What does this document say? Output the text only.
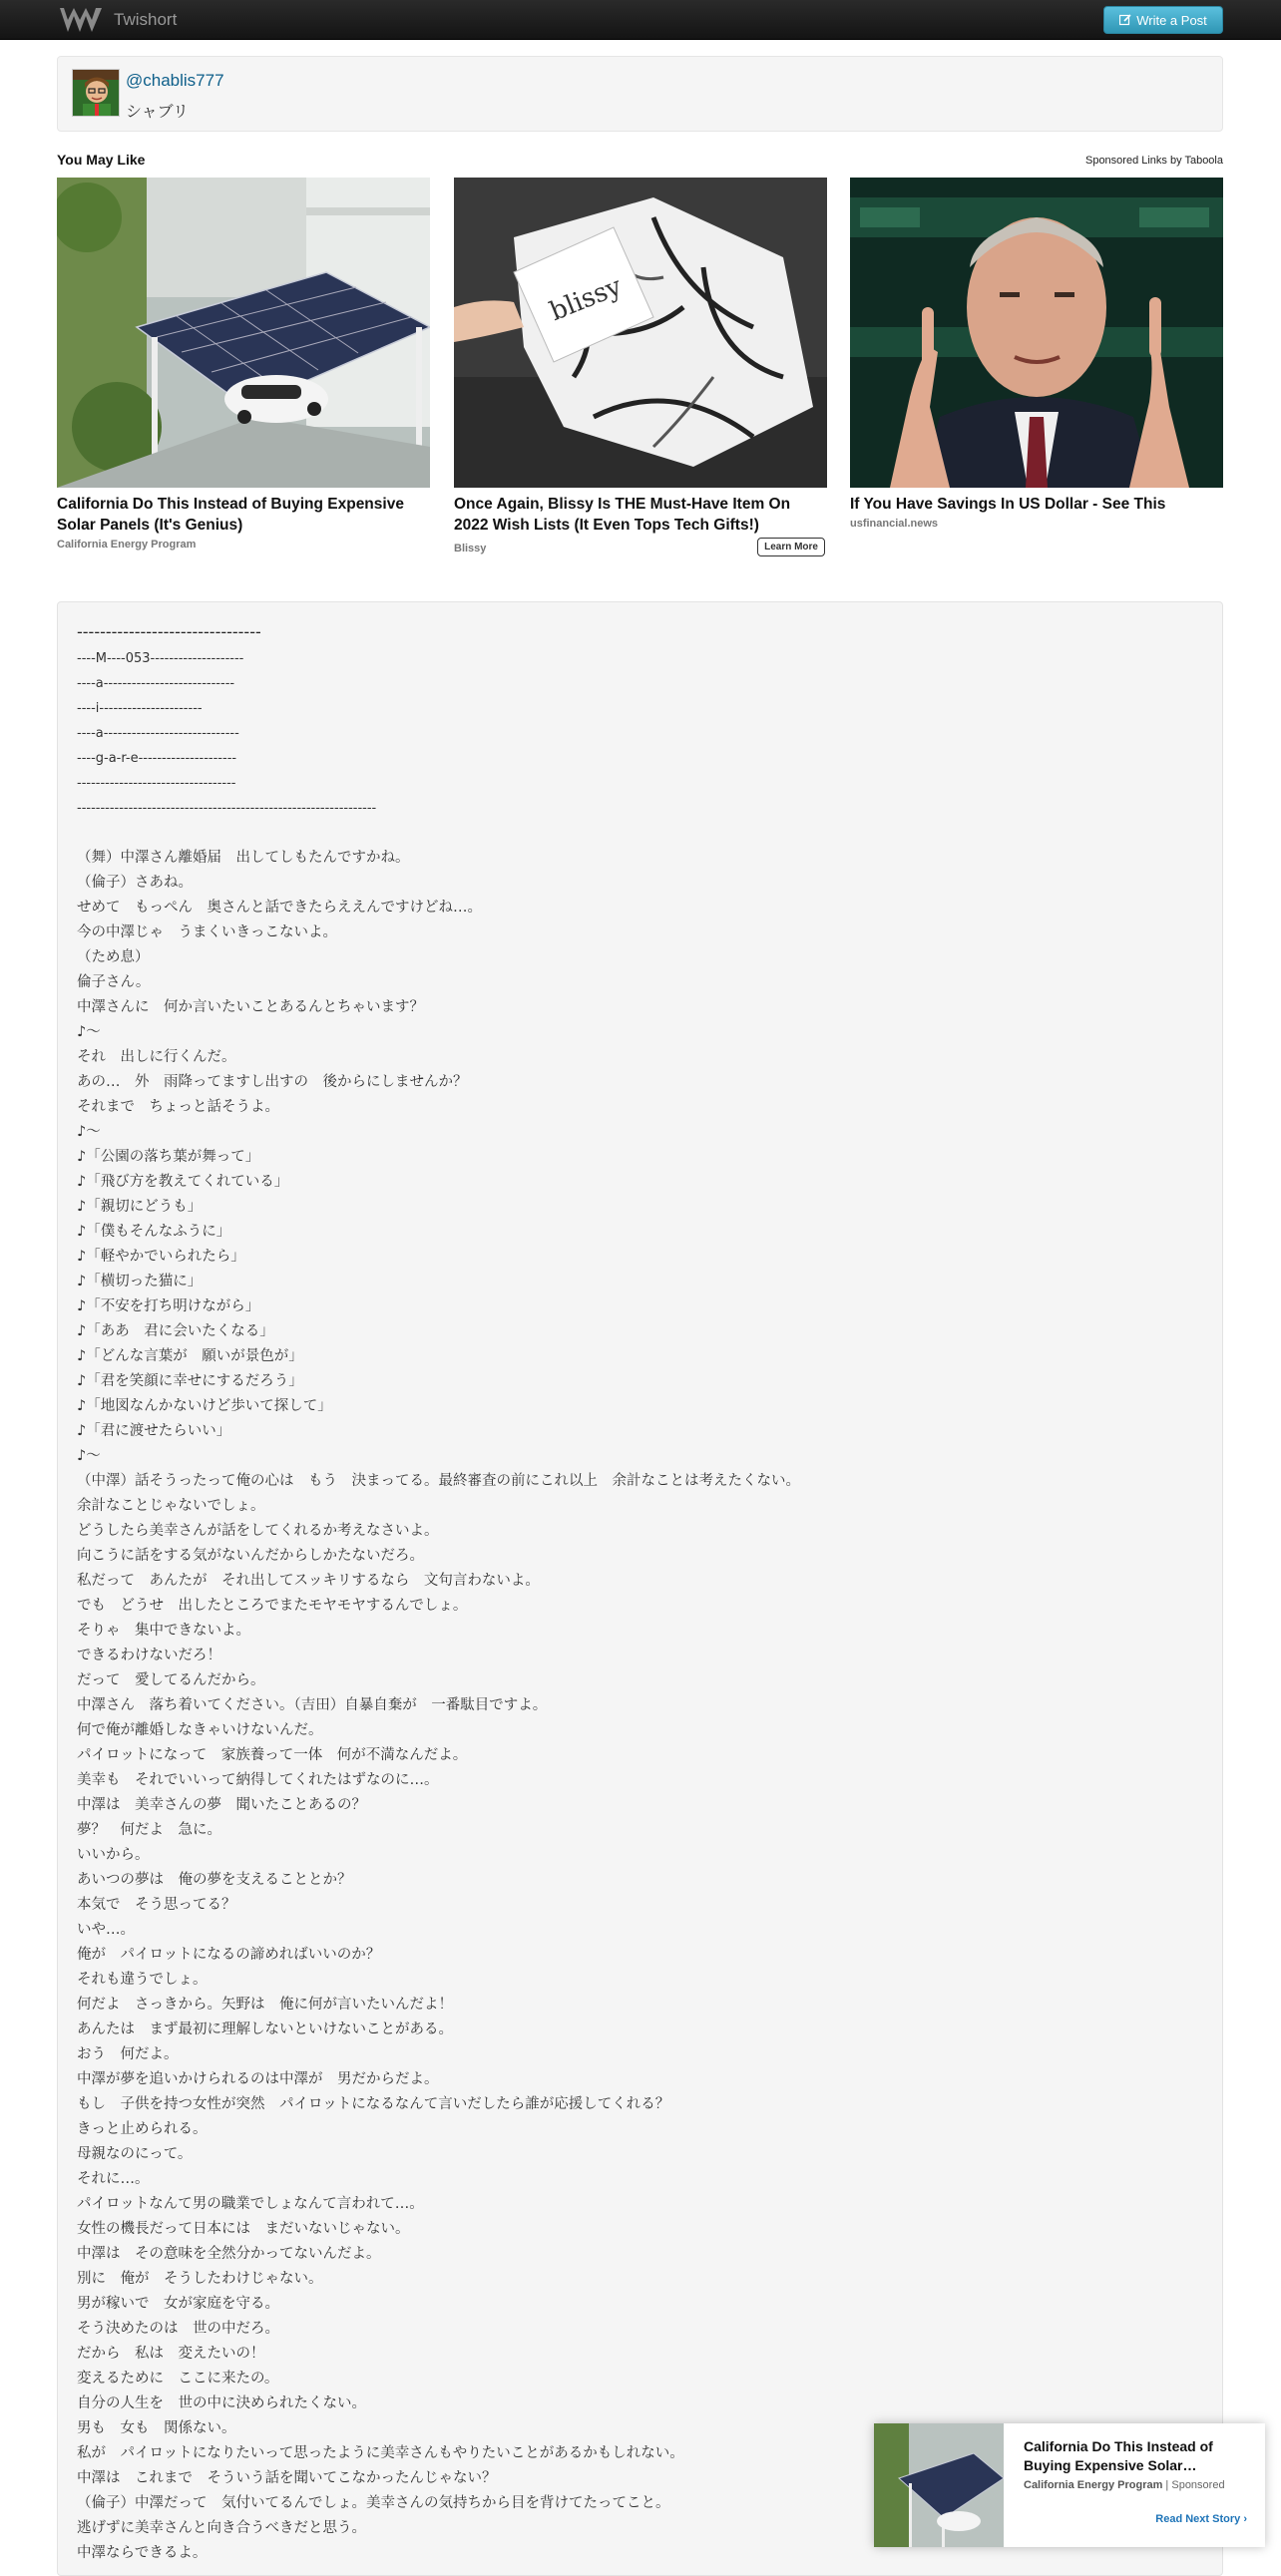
Twishort	Write a Post
@chablis777
シャブリ
You May Like	Sponsored Links by Taboola
California Do This Instead of Buying Expensive Solar Panels (It's Genius)
California Energy Program
blissy
Once Again, Blissy Is THE Must-Have Item On 2022 Wish Lists (It Even Tops Tech Gifts!)
Blissy	Learn More
If You Have Savings In US Dollar - See This
usfinancial.news
--------------------------------
----M----053--------------------
----a----------------------------
----i----------------------
----a-----------------------------
----g-a-r-e---------------------
----------------------------------
----------------------------------------------------------------

（舞）中澤さん離婚届　出してしもたんですかね。
（倫子）さあね。
せめて　もっぺん　奥さんと話できたらええんですけどね…。
今の中澤じゃ　うまくいきっこないよ。
（ため息）
倫子さん。
中澤さんに　何か言いたいことあるんとちゃいます？
♪～
それ　出しに行くんだ。
あの…　外　雨降ってますし出すの　後からにしませんか？
それまで　ちょっと話そうよ。
♪～
♪「公園の落ち葉が舞って」
♪「飛び方を教えてくれている」
♪「親切にどうも」
♪「僕もそんなふうに」
♪「軽やかでいられたら」
♪「横切った猫に」
♪「不安を打ち明けながら」
♪「ああ　君に会いたくなる」
♪「どんな言葉が　願いが景色が」
♪「君を笑顔に幸せにするだろう」
♪「地図なんかないけど歩いて探して」
♪「君に渡せたらいい」
♪～
（中澤）話そうったって俺の心は　もう　決まってる。最終審査の前にこれ以上　余計なことは考えたくない。
余計なことじゃないでしょ。
どうしたら美幸さんが話をしてくれるか考えなさいよ。
向こうに話をする気がないんだからしかたないだろ。
私だって　あんたが　それ出してスッキリするなら　文句言わないよ。
でも　どうせ　出したところでまたモヤモヤするんでしょ。
そりゃ　集中できないよ。
できるわけないだろ！
だって　愛してるんだから。
中澤さん　落ち着いてください。（吉田）自暴自棄が　一番駄目ですよ。
何で俺が離婚しなきゃいけないんだ。
パイロットになって　家族養って一体　何が不満なんだよ。
美幸も　それでいいって納得してくれたはずなのに…。
中澤は　美幸さんの夢　聞いたことあるの？
夢？　何だよ　急に。
いいから。
あいつの夢は　俺の夢を支えることとか？
本気で　そう思ってる？
いや…。
俺が　パイロットになるの諦めればいいのか？
それも違うでしょ。
何だよ　さっきから。矢野は　俺に何が言いたいんだよ！
あんたは　まず最初に理解しないといけないことがある。
おう　何だよ。
中澤が夢を追いかけられるのは中澤が　男だからだよ。
もし　子供を持つ女性が突然　パイロットになるなんて言いだしたら誰が応援してくれる？
きっと止められる。
母親なのにって。
それに…。
パイロットなんて男の職業でしょなんて言われて…。
女性の機長だって日本には　まだいないじゃない。
中澤は　その意味を全然分かってないんだよ。
別に　俺が　そうしたわけじゃない。
男が稼いで　女が家庭を守る。
そう決めたのは　世の中だろ。
だから　私は　変えたいの！
変えるために　ここに来たの。
自分の人生を　世の中に決められたくない。
男も　女も　関係ない。
私が　パイロットになりたいって思ったように美幸さんもやりたいことがあるかもしれない。
中澤は　これまで　そういう話を聞いてこなかったんじゃない？
（倫子）中澤だって　気付いてるんでしょ。美幸さんの気持ちから目を背けてたってこと。
逃げずに美幸さんと向き合うべきだと思う。
中澤ならできるよ。
California Do This Instead of Buying Expensive Solar…
California Energy Program | Sponsored
Read Next Story ›
